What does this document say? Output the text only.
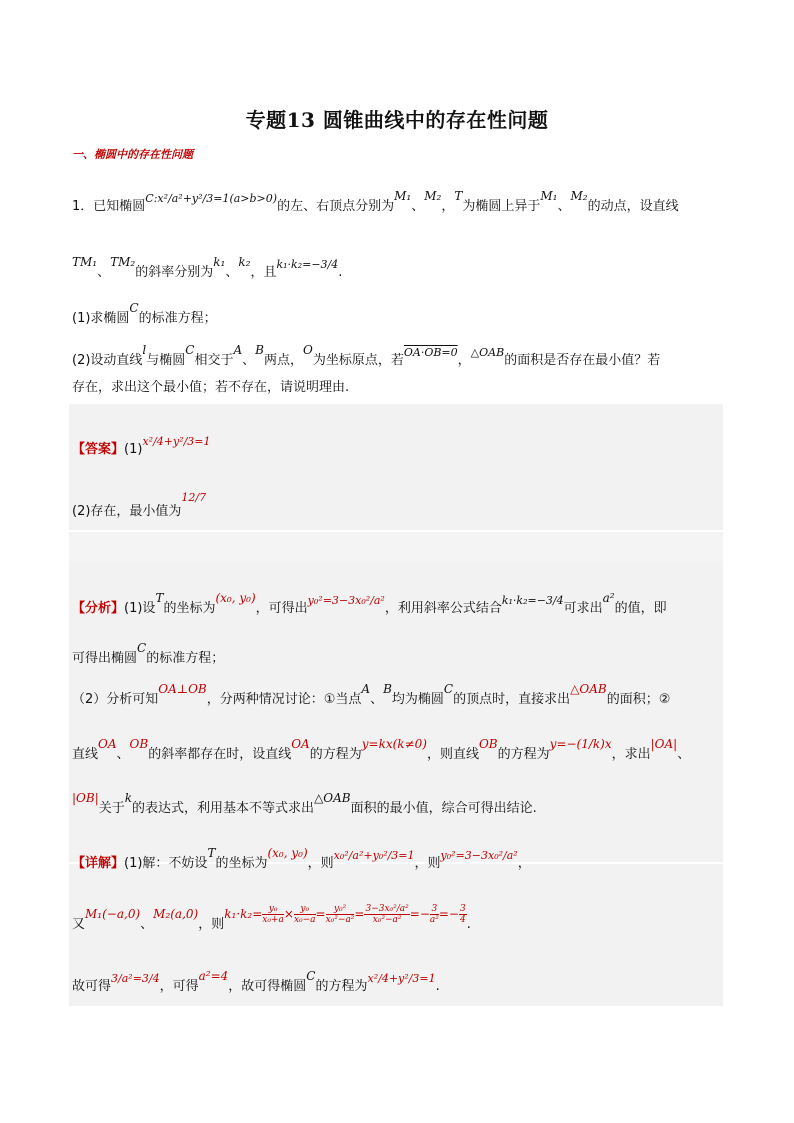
专题13 圆锥曲线中的存在性问题
一、椭圆中的存在性问题
1．已知椭圆$^{C:x^2/a^2+y^2/3=1(a>b>0)}$的左、右顶点分别为M₁、M₂，T为椭圆上异于M₁、M₂的动点，设直线
TM₁、TM₂的斜率分别为k₁、k₂，且$^{k_1\cdot k_2=-3/4}$.
(1)求椭圆C的标准方程；
(2)设动直线l与椭圆C相交于A、B两点，O为坐标原点，若$^{OA\cdot OB=0}$，$^{\triangle OAB}$的面积是否存在最小值？若
存在，求出这个最小值；若不存在，请说明理由.
【答案】$(1)^{x^2/4+y^2/3=1}$
(2)存在，最小值为$^{12/7}$
【分析】(1)设T的坐标为(x₀, y₀)，可得出$^{y_0^2=3-3x_0^2/a^2}$，利用斜率公式结合$^{k_1\cdot k_2=-3/4}$可求出a²的值，即
可得出椭圆C的标准方程；
（2）分析可知OA⊥OB，分两种情况讨论：①当点A、B均为椭圆C的顶点时，直接求出△OAB的面积；②
直线OA、OB的斜率都存在时，设直线OA的方程为y=kx(k≠0)，则直线OB的方程为y=−(1/k)x，求出|OA|、
|OB|关于k的表达式，利用基本不等式求出△OAB面积的最小值，综合可得出结论.
【详解】(1)解：不妨设T的坐标为(x₀, y₀)，则$^{x_0^2/a^2+y_0^2/3=1}$，则$^{y_0^2=3-3x_0^2/a^2}$，
又M₁(−a,0)、M₂(a,0)，则$k_1\cdot k_2= \frac{\text{y₀}}{\text{x₀+a}} \times \frac{\text{y₀}}{\text{x₀−a}} = \frac{\text{y₀²}}{\text{x₀²−a²}} = \frac{\text{3−3x₀²/a²}}{\text{x₀²−a²}} =- \frac{3}{\text{a²}} =- \frac{3}{4}$ .
故可得$^{3/a^2=3/4}$，可得a²=4，故可得椭圆C的方程为$^{x^2/4+y^2/3=1}$.
